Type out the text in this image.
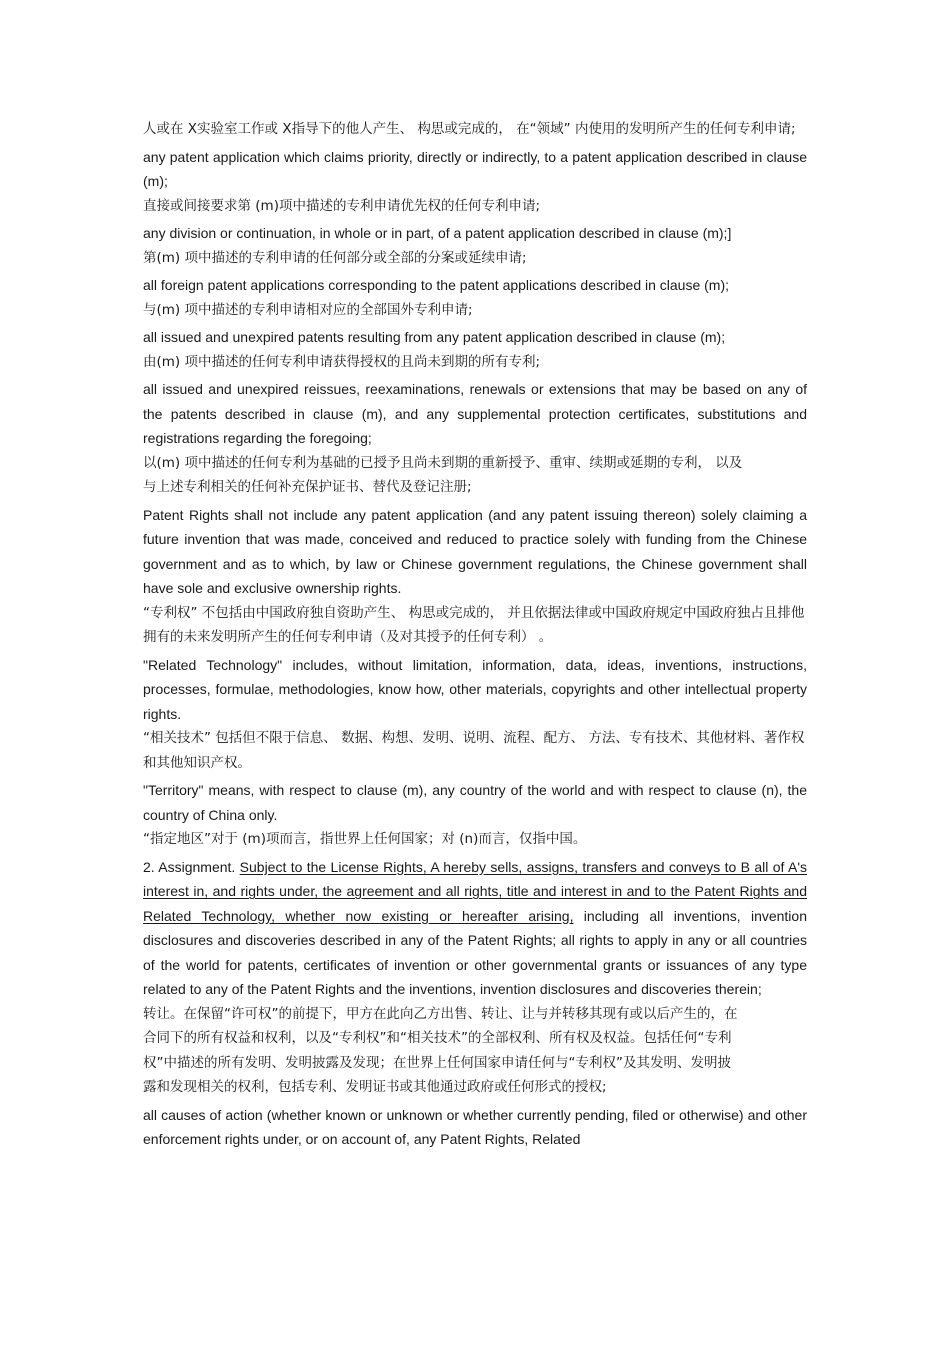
人或在 X实验室工作或 X指导下的他人产生、 构思或完成的， 在“领域” 内使用的发明所产生的任何专利申请;

any patent application which claims priority, directly or indirectly, to a patent application described in clause (m);

直接或间接要求第 (m)项中描述的专利申请优先权的任何专利申请;

any division or continuation, in whole or in part, of a patent application described in clause (m);]

第(m) 项中描述的专利申请的任何部分或全部的分案或延续申请;

all foreign patent applications corresponding to the patent applications described in clause (m);

与(m) 项中描述的专利申请相对应的全部国外专利申请;

all issued and unexpired patents resulting from any patent application described in clause (m);

由(m) 项中描述的任何专利申请获得授权的且尚未到期的所有专利;

all issued and unexpired reissues, reexaminations, renewals or extensions that may be based on any of the patents described in clause (m), and any supplemental protection certificates, substitutions and registrations regarding the foregoing;

以(m) 项中描述的任何专利为基础的已授予且尚未到期的重新授予、重审、续期或延期的专利， 以及与上述专利相关的任何补充保护证书、替代及登记注册;

Patent Rights shall not include any patent application (and any patent issuing thereon) solely claiming a future invention that was made, conceived and reduced to practice solely with funding from the Chinese government and as to which, by law or Chinese government regulations, the Chinese government shall have sole and exclusive ownership rights.

“专利权” 不包括由中国政府独自资助产生、 构思或完成的， 并且依据法律或中国政府规定中国政府独占且排他拥有的未来发明所产生的任何专利申请（及对其授予的任何专利） 。

"Related Technology" includes, without limitation, information, data, ideas, inventions, instructions, processes, formulae, methodologies, know how, other materials, copyrights and other intellectual property rights.

“相关技术” 包括但不限于信息、 数据、构想、发明、说明、流程、配方、 方法、专有技术、其他材料、著作权和其他知识产权。

"Territory" means, with respect to clause (m), any country of the world and with respect to clause (n), the country of China only.

“指定地区”对于 (m)项而言，指世界上任何国家；对 (n)而言，仅指中国。

2. Assignment. Subject to the License Rights, A hereby sells, assigns, transfers and conveys to B all of A's interest in, and rights under, the agreement and all rights, title and interest in and to the Patent Rights and Related Technology, whether now existing or hereafter arising, including all inventions, invention disclosures and discoveries described in any of the Patent Rights; all rights to apply in any or all countries of the world for patents, certificates of invention or other governmental grants or issuances of any type related to any of the Patent Rights and the inventions, invention disclosures and discoveries therein;

转让。在保留“许可权”的前提下，甲方在此向乙方出售、转让、让与并转移其现有或以后产生的，在合同下的所有权益和权利，以及“专利权”和“相关技术”的全部权利、所有权及权益。包括任何“专利权”中描述的所有发明、发明披露及发现；在世界上任何国家申请任何与“专利权”及其发明、发明披露和发现相关的权利，包括专利、发明证书或其他通过政府或任何形式的授权;

all causes of action (whether known or unknown or whether currently pending, filed or otherwise) and other enforcement rights under, or on account of, any Patent Rights, Related
